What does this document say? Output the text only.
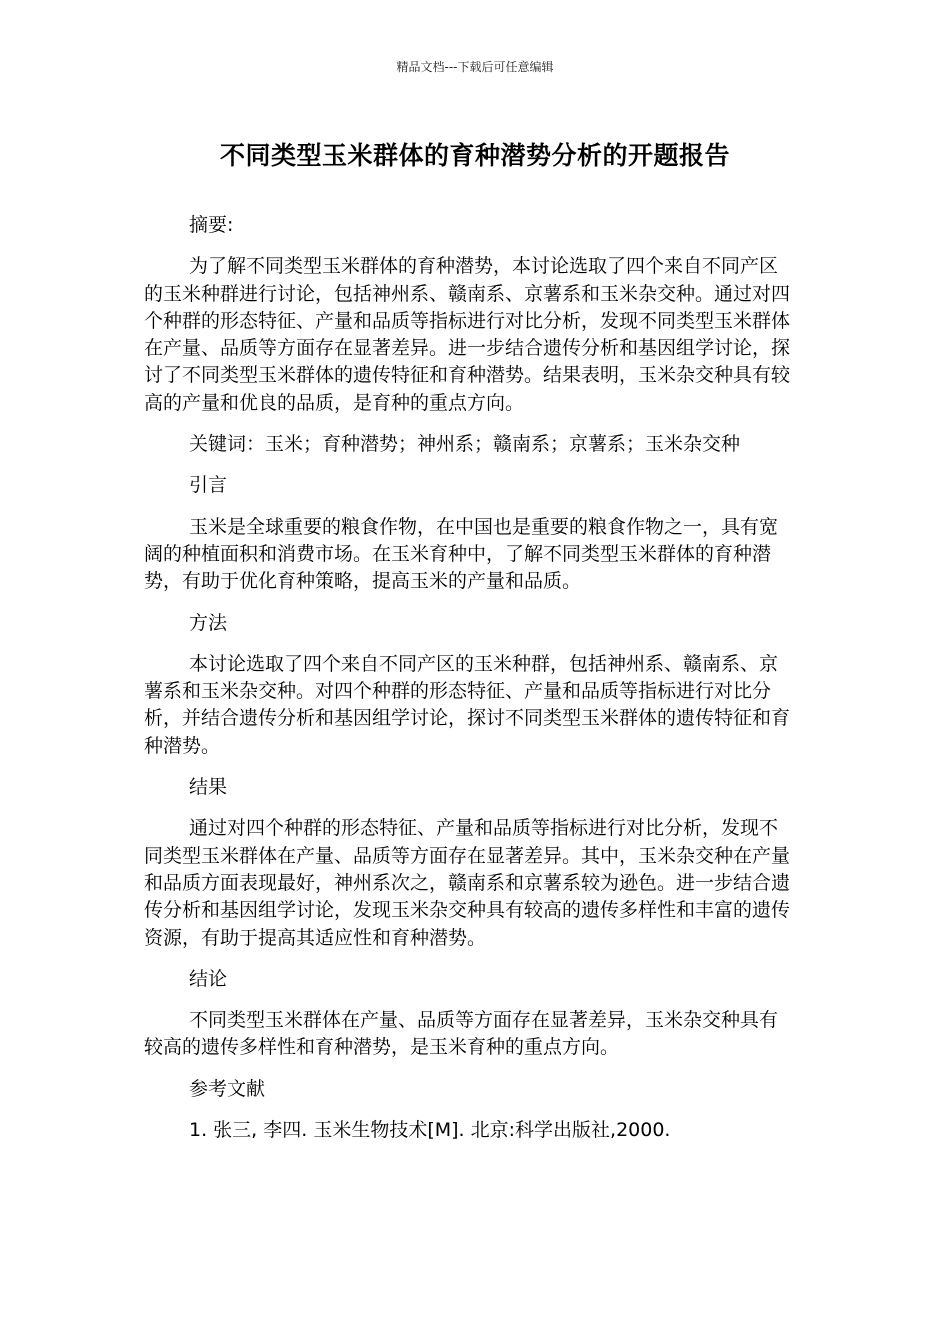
精品文档---下载后可任意编辑
不同类型玉米群体的育种潜势分析的开题报告
摘要:
为了解不同类型玉米群体的育种潜势，本讨论选取了四个来自不同产区的玉米种群进行讨论，包括神州系、赣南系、京薯系和玉米杂交种。通过对四个种群的形态特征、产量和品质等指标进行对比分析，发现不同类型玉米群体在产量、品质等方面存在显著差异。进一步结合遗传分析和基因组学讨论，探讨了不同类型玉米群体的遗传特征和育种潜势。结果表明，玉米杂交种具有较高的产量和优良的品质，是育种的重点方向。
关键词：玉米；育种潜势；神州系；赣南系；京薯系；玉米杂交种
引言
玉米是全球重要的粮食作物，在中国也是重要的粮食作物之一，具有宽阔的种植面积和消费市场。在玉米育种中，了解不同类型玉米群体的育种潜势，有助于优化育种策略，提高玉米的产量和品质。
方法
本讨论选取了四个来自不同产区的玉米种群，包括神州系、赣南系、京薯系和玉米杂交种。对四个种群的形态特征、产量和品质等指标进行对比分析，并结合遗传分析和基因组学讨论，探讨不同类型玉米群体的遗传特征和育种潜势。
结果
通过对四个种群的形态特征、产量和品质等指标进行对比分析，发现不同类型玉米群体在产量、品质等方面存在显著差异。其中，玉米杂交种在产量和品质方面表现最好，神州系次之，赣南系和京薯系较为逊色。进一步结合遗传分析和基因组学讨论，发现玉米杂交种具有较高的遗传多样性和丰富的遗传资源，有助于提高其适应性和育种潜势。
结论
不同类型玉米群体在产量、品质等方面存在显著差异，玉米杂交种具有较高的遗传多样性和育种潜势，是玉米育种的重点方向。
参考文献
1. 张三, 李四. 玉米生物技术[M]. 北京:科学出版社,2000.
